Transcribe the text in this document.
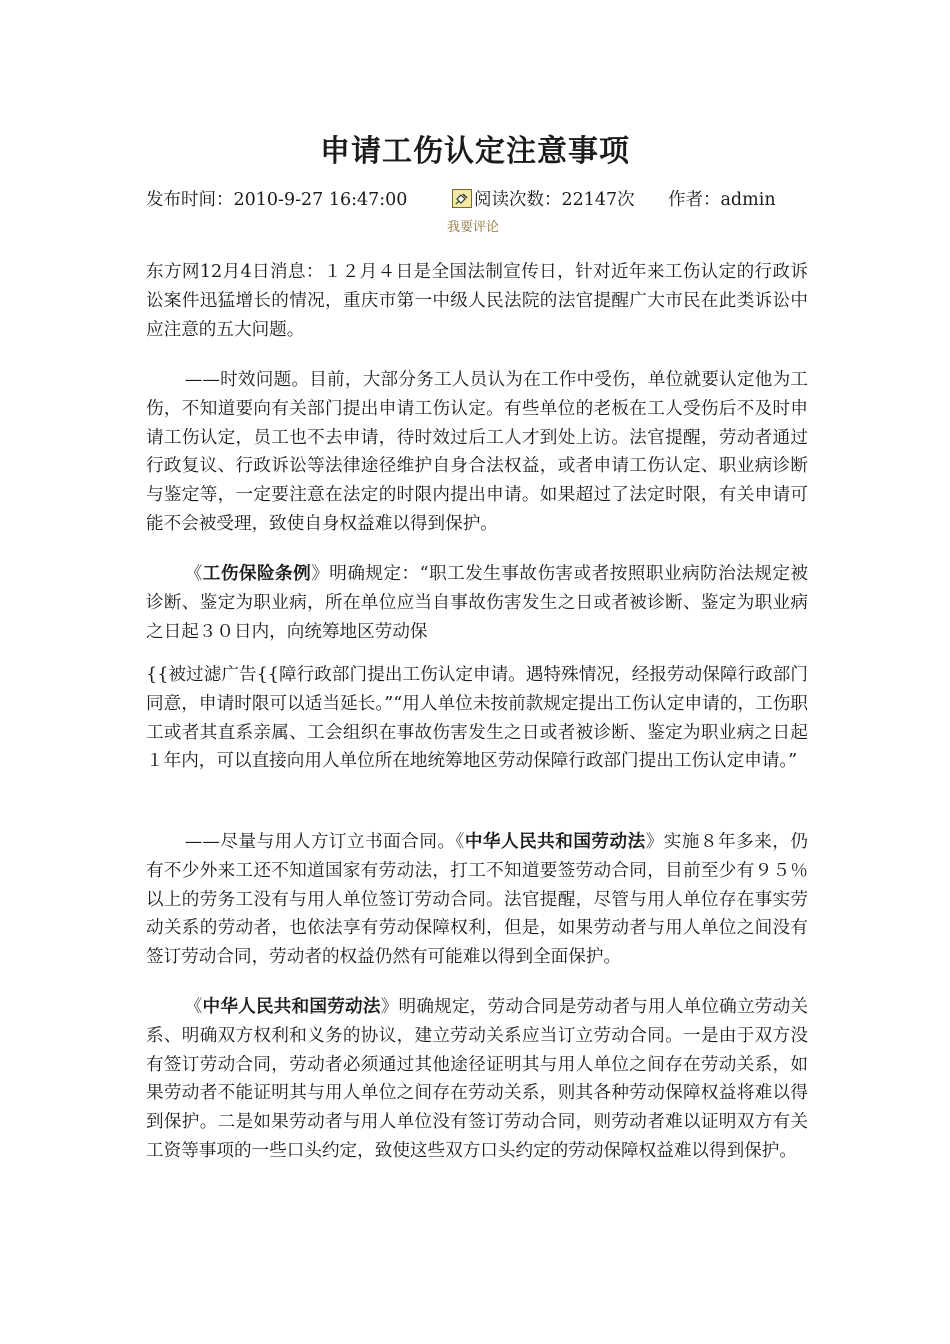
申请工伤认定注意事项
发布时间：2010-9-27 16:47:00	阅读次数：22147次 作者：admin
我要评论

东方网12月4日消息：１２月４日是全国法制宣传日，针对近年来工伤认定的行政诉讼案件迅猛增长的情况，重庆市第一中级人民法院的法官提醒广大市民在此类诉讼中应注意的五大问题。

——时效问题。目前，大部分务工人员认为在工作中受伤，单位就要认定他为工伤，不知道要向有关部门提出申请工伤认定。有些单位的老板在工人受伤后不及时申请工伤认定，员工也不去申请，待时效过后工人才到处上访。法官提醒，劳动者通过行政复议、行政诉讼等法律途径维护自身合法权益，或者申请工伤认定、职业病诊断与鉴定等，一定要注意在法定的时限内提出申请。如果超过了法定时限，有关申请可能不会被受理，致使自身权益难以得到保护。

《工伤保险条例》明确规定：“职工发生事故伤害或者按照职业病防治法规定被诊断、鉴定为职业病，所在单位应当自事故伤害发生之日或者被诊断、鉴定为职业病之日起３０日内，向统筹地区劳动保

{{被过滤广告{{障行政部门提出工伤认定申请。遇特殊情况，经报劳动保障行政部门同意，申请时限可以适当延长。”“用人单位未按前款规定提出工伤认定申请的，工伤职工或者其直系亲属、工会组织在事故伤害发生之日或者被诊断、鉴定为职业病之日起１年内，可以直接向用人单位所在地统筹地区劳动保障行政部门提出工伤认定申请。”

——尽量与用人方订立书面合同。《中华人民共和国劳动法》实施８年多来，仍有不少外来工还不知道国家有劳动法，打工不知道要签劳动合同，目前至少有９５％以上的劳务工没有与用人单位签订劳动合同。法官提醒，尽管与用人单位存在事实劳动关系的劳动者，也依法享有劳动保障权利，但是，如果劳动者与用人单位之间没有签订劳动合同，劳动者的权益仍然有可能难以得到全面保护。

《中华人民共和国劳动法》明确规定，劳动合同是劳动者与用人单位确立劳动关系、明确双方权利和义务的协议，建立劳动关系应当订立劳动合同。一是由于双方没有签订劳动合同，劳动者必须通过其他途径证明其与用人单位之间存在劳动关系，如果劳动者不能证明其与用人单位之间存在劳动关系，则其各种劳动保障权益将难以得到保护。二是如果劳动者与用人单位没有签订劳动合同，则劳动者难以证明双方有关工资等事项的一些口头约定，致使这些双方口头约定的劳动保障权益难以得到保护。
